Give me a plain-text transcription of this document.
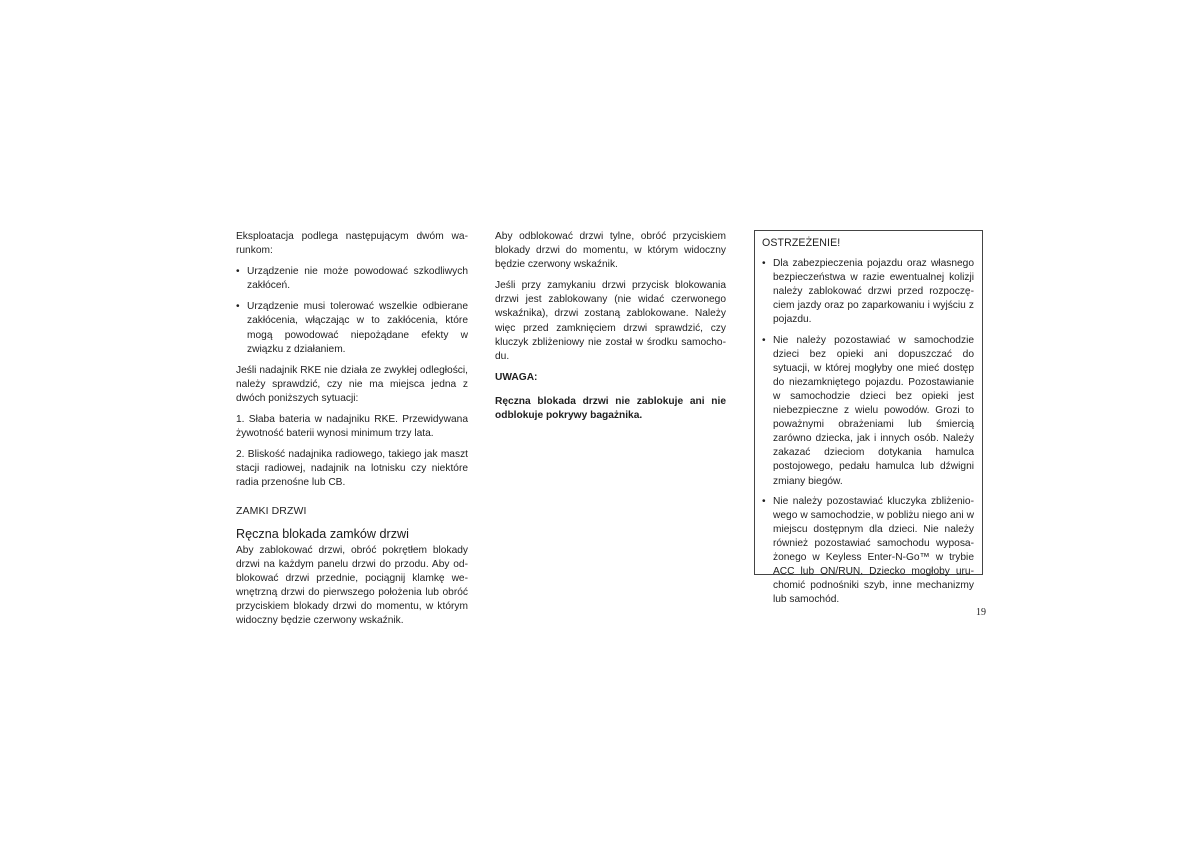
Eksploatacja podlega następującym dwóm warunkom:

• Urządzenie nie może powodować szkodliwych zakłóceń.
• Urządzenie musi tolerować wszelkie odbierane zakłócenia, włączając w to zakłócenia, które mogą powodować niepożądane efekty w związku z działaniem.

Jeśli nadajnik RKE nie działa ze zwykłej odległości, należy sprawdzić, czy nie ma miejsca jedna z dwóch poniższych sytuacji:

1. Słaba bateria w nadajniku RKE. Przewidywana żywotność baterii wynosi minimum trzy lata.

2. Bliskość nadajnika radiowego, takiego jak maszt stacji radiowej, nadajnik na lotnisku czy niektóre radia przenośne lub CB.

ZAMKI DRZWI

Ręczna blokada zamków drzwi

Aby zablokować drzwi, obróć pokrętłem blokady drzwi na każdym panelu drzwi do przodu. Aby odblokować drzwi przednie, pociągnij klamkę wewnętrzną drzwi do pierwszego położenia lub obróć przyciskiem blokady drzwi do momentu, w którym widoczny będzie czerwony wskaźnik.

Aby odblokować drzwi tylne, obróć przyciskiem blokady drzwi do momentu, w którym widoczny będzie czerwony wskaźnik.

Jeśli przy zamykaniu drzwi przycisk blokowania drzwi jest zablokowany (nie widać czerwonego wskaźnika), drzwi zostaną zablokowane. Należy więc przed zamknięciem drzwi sprawdzić, czy kluczyk zbliżeniowy nie został w środku samochodu.

UWAGA:

Ręczna blokada drzwi nie zablokuje ani nie odblokuje pokrywy bagażnika.

OSTRZEŻENIE!

• Dla zabezpieczenia pojazdu oraz własnego bezpieczeństwa w razie ewentualnej kolizji należy zablokować drzwi przed rozpoczęciem jazdy oraz po zaparkowaniu i wyjściu z pojazdu.
• Nie należy pozostawiać w samochodzie dzieci bez opieki ani dopuszczać do sytuacji, w której mogłyby one mieć dostęp do niezamkniętego pojazdu. Pozostawianie w samochodzie dzieci bez opieki jest niebezpieczne z wielu powodów. Grozi to poważnymi obrażeniami lub śmiercią zarówno dziecka, jak i innych osób. Należy zakazać dzieciom dotykania hamulca postojowego, pedału hamulca lub dźwigni zmiany biegów.
• Nie należy pozostawiać kluczyka zbliżeniowego w samochodzie, w pobliżu niego ani w miejscu dostępnym dla dzieci. Nie należy również pozostawiać samochodu wyposażonego w Keyless Enter-N-Go™ w trybie ACC lub ON/RUN. Dziecko mogłoby uruchomić podnośniki szyb, inne mechanizmy lub samochód.
19
